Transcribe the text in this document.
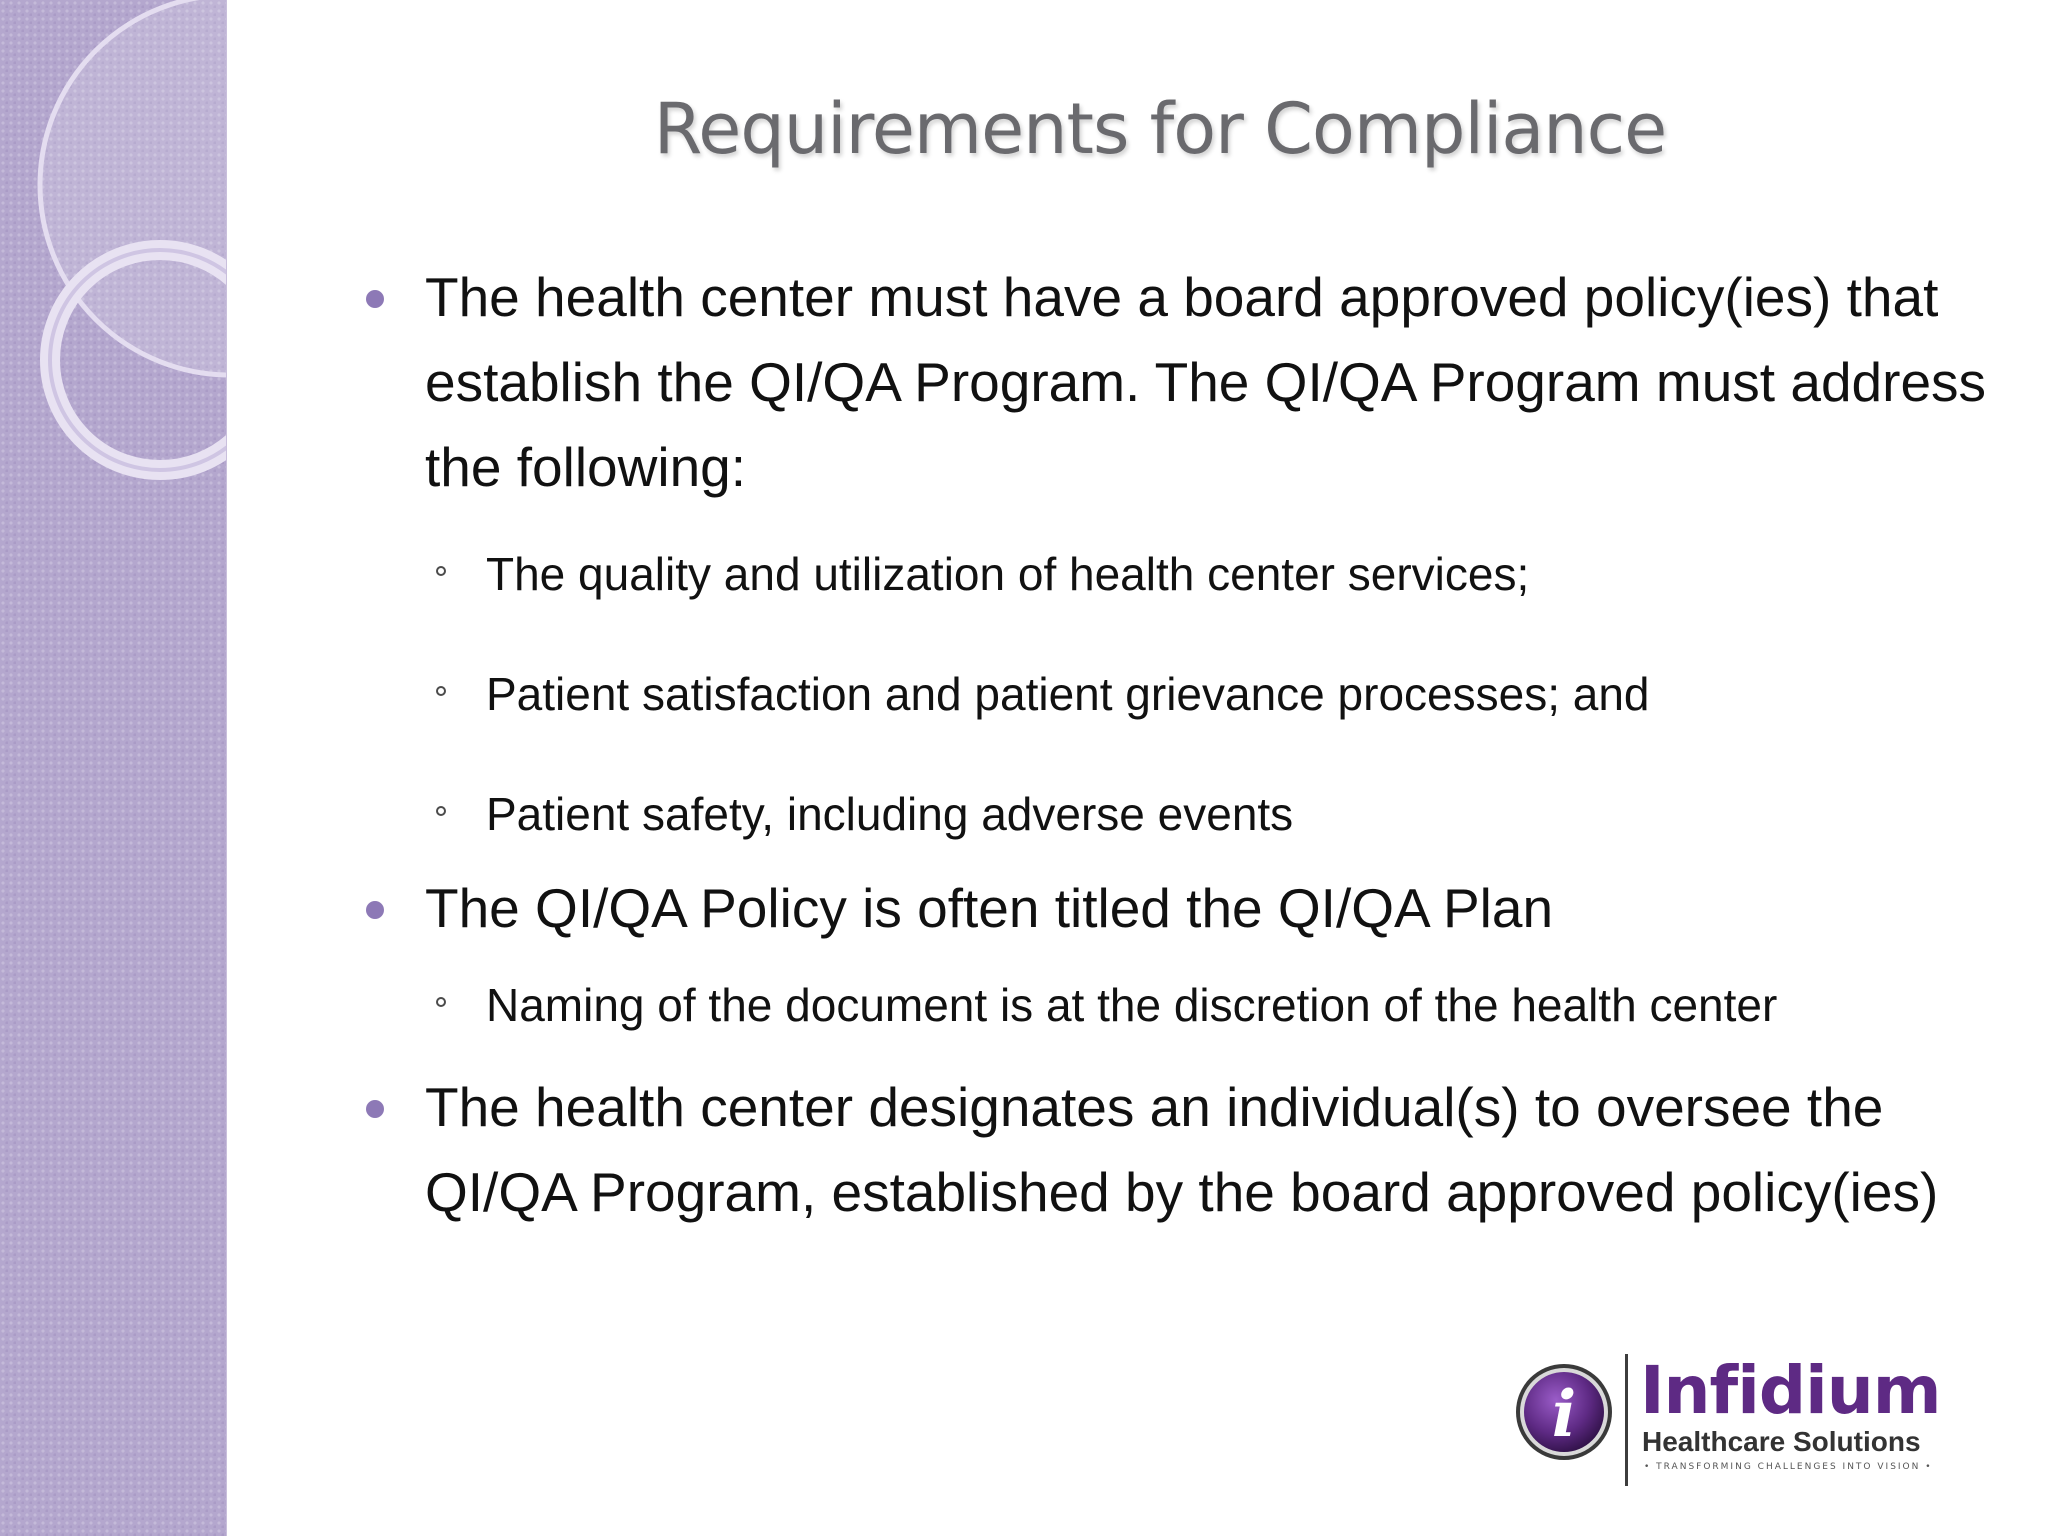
Requirements for Compliance
The health center must have a board approved policy(ies) that establish the QI/QA Program. The QI/QA Program must address the following:
The quality and utilization of health center services;
Patient satisfaction and patient grievance processes; and
Patient safety, including adverse events
The QI/QA Policy is often titled the QI/QA Plan
Naming of the document is at the discretion of the health center
The health center designates an individual(s) to oversee the QI/QA Program, established by the board approved policy(ies)
i Infidium
Healthcare Solutions
• TRANSFORMING CHALLENGES INTO VISION •
